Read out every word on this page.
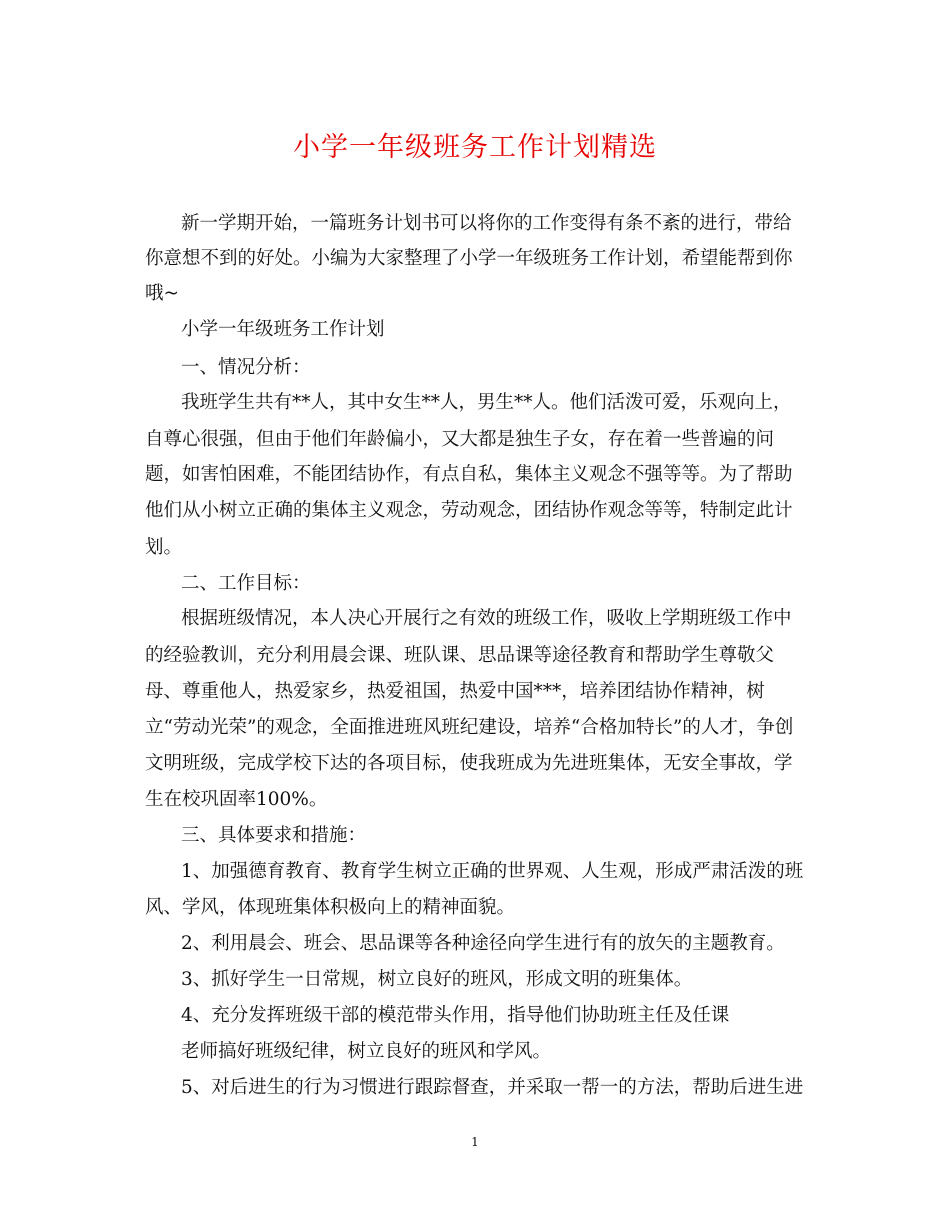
小学一年级班务工作计划精选
新一学期开始，一篇班务计划书可以将你的工作变得有条不紊的进行，带给
你意想不到的好处。小编为大家整理了小学一年级班务工作计划，希望能帮到你
哦~
小学一年级班务工作计划
一、情况分析：
我班学生共有**人，其中女生**人，男生**人。他们活泼可爱，乐观向上，
自尊心很强，但由于他们年龄偏小，又大都是独生子女，存在着一些普遍的问
题，如害怕困难，不能团结协作，有点自私，集体主义观念不强等等。为了帮助
他们从小树立正确的集体主义观念，劳动观念，团结协作观念等等，特制定此计
划。
二、工作目标：
根据班级情况，本人决心开展行之有效的班级工作，吸收上学期班级工作中
的经验教训，充分利用晨会课、班队课、思品课等途径教育和帮助学生尊敬父
母、尊重他人，热爱家乡，热爱祖国，热爱中国***，培养团结协作精神，树
立“劳动光荣”的观念，全面推进班风班纪建设，培养“合格加特长”的人才，争创
文明班级，完成学校下达的各项目标，使我班成为先进班集体，无安全事故，学
生在校巩固率100%。
三、具体要求和措施：
1、加强德育教育、教育学生树立正确的世界观、人生观，形成严肃活泼的班
风、学风，体现班集体积极向上的精神面貌。
2、利用晨会、班会、思品课等各种途径向学生进行有的放矢的主题教育。
3、抓好学生一日常规，树立良好的班风，形成文明的班集体。
4、充分发挥班级干部的模范带头作用，指导他们协助班主任及任课
老师搞好班级纪律，树立良好的班风和学风。
5、对后进生的行为习惯进行跟踪督查，并采取一帮一的方法，帮助后进生进
1
